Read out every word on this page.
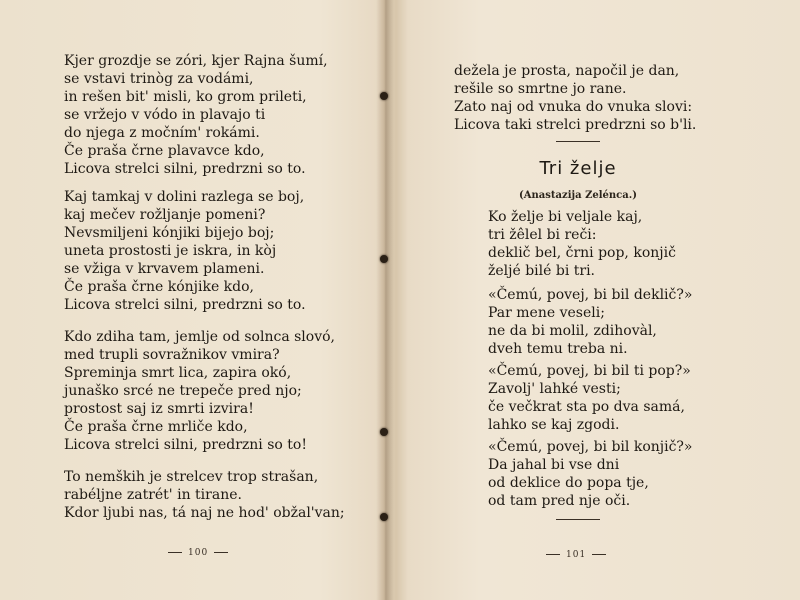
Kjer grozdje se zóri, kjer Rajna šumí,
se vstavi trinòg za vodámi,
in rešen bit' misli, ko grom prileti,
se vržejo v vódo in plavajo ti
do njega z močním' rokámi.
Če praša črne plavavce kdo,
Licova strelci silni, predrzni so to.
Kaj tamkaj v dolini razlega se boj,
kaj mečev rožljanje pomeni?
Nevsmiljeni kónjiki bijejo boj;
uneta prostosti je iskra, in kòj
se vžiga v krvavem plameni.
Če praša črne kónjike kdo,
Licova strelci silni, predrzni so to.
Kdo zdiha tam, jemlje od solnca slovó,
med trupli sovražnikov vmira?
Spreminja smrt lica, zapira okó,
junaško srcé ne trepeče pred njo;
prostost saj iz smrti izvira!
Če praša črne mrliče kdo,
Licova strelci silni, predrzni so to!
To nemških je strelcev trop strašan,
rabéljne zatrét' in tirane.
Kdor ljubi nas, tá naj ne hod' obžal'van;
100
dežela je prosta, napočil je dan,
rešile so smrtne jo rane.
Zato naj od vnuka do vnuka slovi:
Licova taki strelci predrzni so b'li.
Tri želje
(Anastazija Zelénca.)
Ko želje bi veljale kaj,
tri žêlel bi reči:
deklič bel, črni pop, konjič
željé bilé bi tri.
«Čemú, povej, bi bil deklič?»
Par mene veseli;
ne da bi molil, zdihovàl,
dveh temu treba ni.
«Čemú, povej, bi bil ti pop?»
Zavolj' lahké vesti;
če večkrat sta po dva samá,
lahko se kaj zgodi.
«Čemú, povej, bi bil konjič?»
Da jahal bi vse dni
od deklice do popa tje,
od tam pred nje oči.
101
